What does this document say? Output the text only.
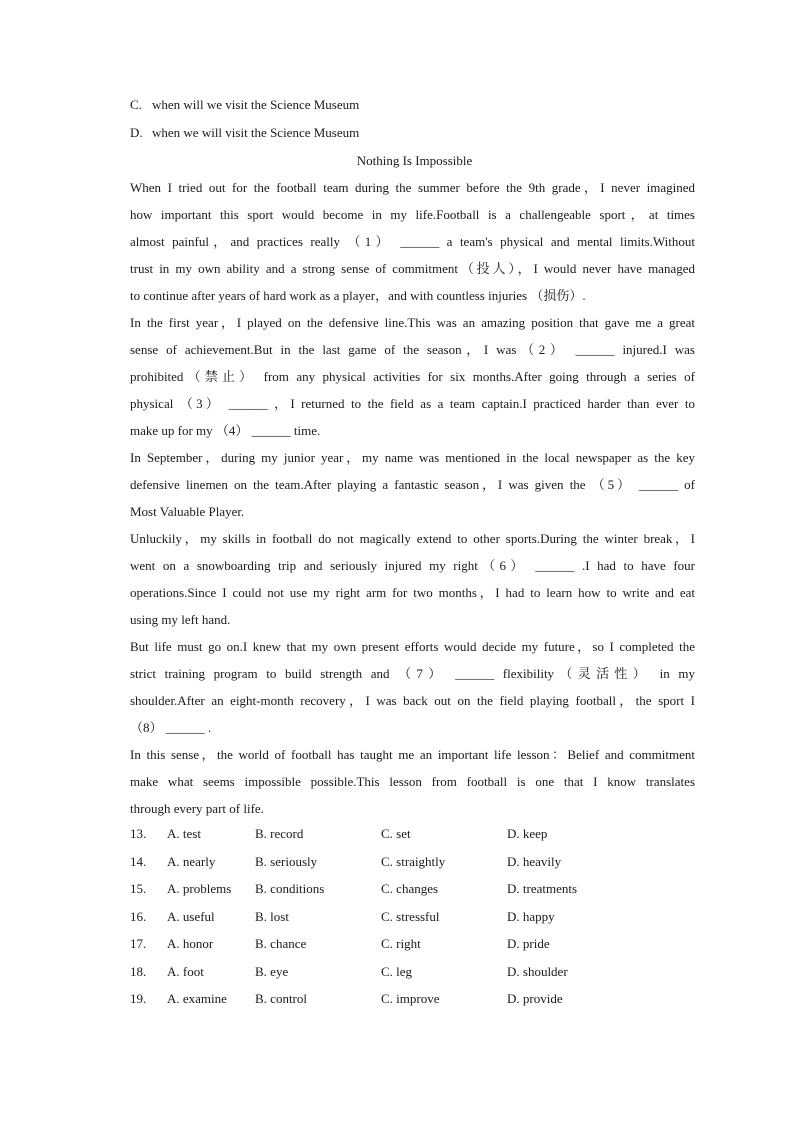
C. when will we visit the Science Museum
D. when we will visit the Science Museum
Nothing Is Impossible
When I tried out for the football team during the summer before the 9th grade，I never imagined
how important this sport would become in my life.Football is a challengeable sport，at times
almost painful，and practices really （1） ______ a team's physical and mental limits.Without
trust in my own ability and a strong sense of commitment（投人），I would never have managed
to continue after years of hard work as a player，and with countless injuries （损伤）.
In the first year，I played on the defensive line.This was an amazing position that gave me a great
sense of achievement.But in the last game of the season，I was（2） ______ injured.I was
prohibited（禁止） from any physical activities for six months.After going through a series of
physical （3） ______ ，I returned to the field as a team captain.I practiced harder than ever to
make up for my （4） ______ time.
In September，during my junior year，my name was mentioned in the local newspaper as the key
defensive linemen on the team.After playing a fantastic season，I was given the （5） ______ of
Most Valuable Player.
Unluckily，my skills in football do not magically extend to other sports.During the winter break，I
went on a snowboarding trip and seriously injured my right（6） ______ .I had to have four
operations.Since I could not use my right arm for two months，I had to learn how to write and eat
using my left hand.
But life must go on.I knew that my own present efforts would decide my future，so I completed the
strict training program to build strength and （7） ______ flexibility（灵活性） in my
shoulder.After an eight-month recovery，I was back out on the field playing football，the sport I
（8） ______ .
In this sense，the world of football has taught me an important life lesson：Belief and commitment
make what seems impossible possible.This lesson from football is one that I know translates
through every part of life.
13. A. test	B. record	C. set	D. keep
14. A. nearly	B. seriously	C. straightly	D. heavily
15. A. problems B. conditions	C. changes	D. treatments
16. A. useful	B. lost	C. stressful	D. happy
17. A. honor	B. chance	C. right	D. pride
18. A. foot	B. eye	C. leg	D. shoulder
19. A. examine B. control	C. improve	D. provide
